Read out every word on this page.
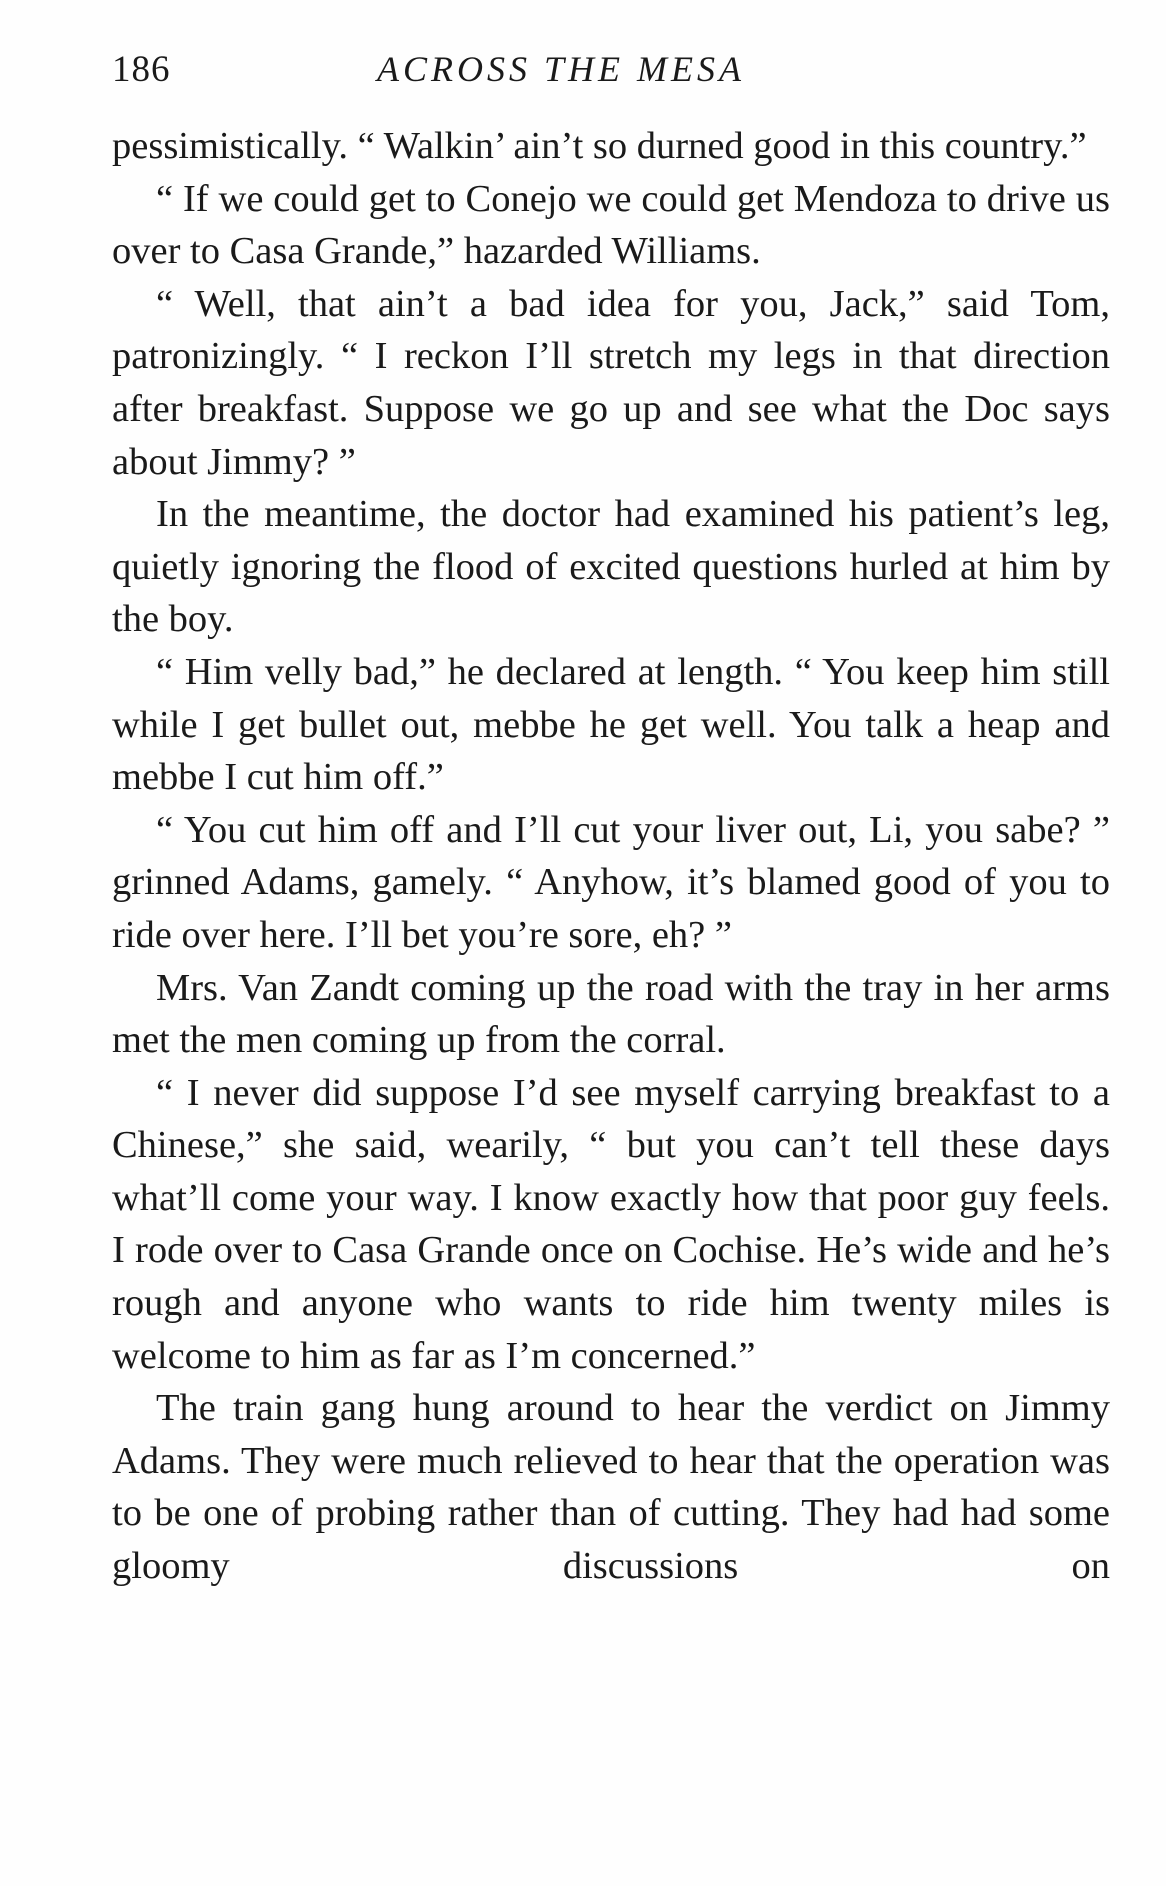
186	ACROSS THE MESA

pessimistically. “ Walkin’ ain’t so durned good in this country.”

“ If we could get to Conejo we could get Mendoza to drive us over to Casa Grande,” hazarded Williams.

“ Well, that ain’t a bad idea for you, Jack,” said Tom, patronizingly. “ I reckon I’ll stretch my legs in that direction after breakfast. Suppose we go up and see what the Doc says about Jimmy? ”

In the meantime, the doctor had examined his patient’s leg, quietly ignoring the flood of excited questions hurled at him by the boy.

“ Him velly bad,” he declared at length. “ You keep him still while I get bullet out, mebbe he get well. You talk a heap and mebbe I cut him off.”

“ You cut him off and I’ll cut your liver out, Li, you sabe? ” grinned Adams, gamely. “ Anyhow, it’s blamed good of you to ride over here. I’ll bet you’re sore, eh? ”

Mrs. Van Zandt coming up the road with the tray in her arms met the men coming up from the corral.

“ I never did suppose I’d see myself carrying breakfast to a Chinese,” she said, wearily, “ but you can’t tell these days what’ll come your way. I know exactly how that poor guy feels. I rode over to Casa Grande once on Cochise. He’s wide and he’s rough and anyone who wants to ride him twenty miles is welcome to him as far as I’m concerned.”

The train gang hung around to hear the verdict on Jimmy Adams. They were much relieved to hear that the operation was to be one of probing rather than of cutting. They had had some gloomy discussions on
